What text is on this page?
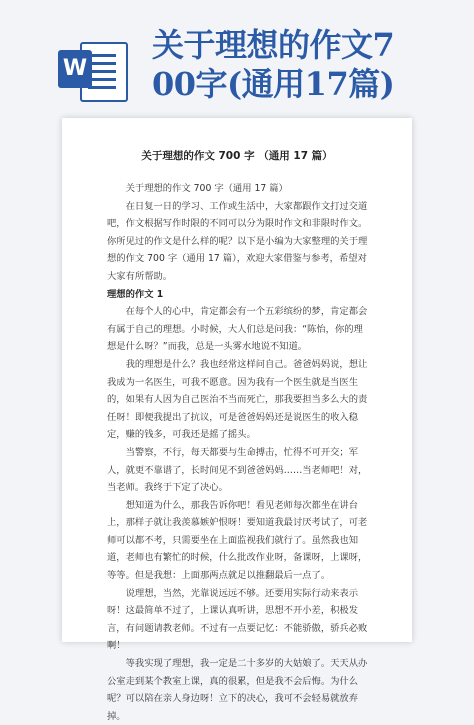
W
关于理想的作文7
00字(通用17篇)
关于理想的作文 700 字 （通用 17 篇）

关于理想的作文 700 字（通用 17 篇）

在日复一日的学习、工作或生活中，大家都跟作文打过交道吧，作文根据写作时限的不同可以分为限时作文和非限时作文。你所见过的作文是什么样的呢？以下是小编为大家整理的关于理想的作文 700 字（通用 17 篇），欢迎大家借鉴与参考，希望对大家有所帮助。

理想的作文 1

在每个人的心中，肯定都会有一个五彩缤纷的梦，肯定都会有属于自己的理想。小时候，大人们总是问我：“陈怡，你的理想是什么呀？”而我，总是一头雾水地说不知道。

我的理想是什么？我也经常这样问自己。爸爸妈妈说，想让我成为一名医生，可我不愿意。因为我有一个医生就是当医生的，如果有人因为自己医治不当而死亡，那我要担当多么大的责任呀！即便我提出了抗议，可是爸爸妈妈还是说医生的收入稳定，赚的钱多，可我还是摇了摇头。

当警察，不行，每天都要与生命搏击，忙得不可开交；军人，就更不靠谱了，长时间见不到爸爸妈妈……当老师吧！对，当老师。我终于下定了决心。

想知道为什么，那我告诉你吧！看见老师每次都坐在讲台上，那样子就让我羡慕嫉妒恨呀！要知道我最讨厌考试了，可老师可以都不考，只需要坐在上面监视我们就行了。虽然我也知道，老师也有繁忙的时候，什么批改作业呀，备课呀，上课呀，等等。但是我想：上面那两点就足以推翻最后一点了。

说理想，当然，光靠说远远不够。还要用实际行动来表示呀！这最简单不过了，上课认真听讲，思想不开小差，积极发言，有问题请教老师。不过有一点要记忆：不能骄傲，骄兵必败啊！

等我实现了理想，我一定是二十多岁的大姑娘了。天天从办公室走到某个教室上课，真的很累，但是我不会后悔。为什么呢？可以陪在亲人身边呀！立下的决心，我可不会轻易就放弃掉。
